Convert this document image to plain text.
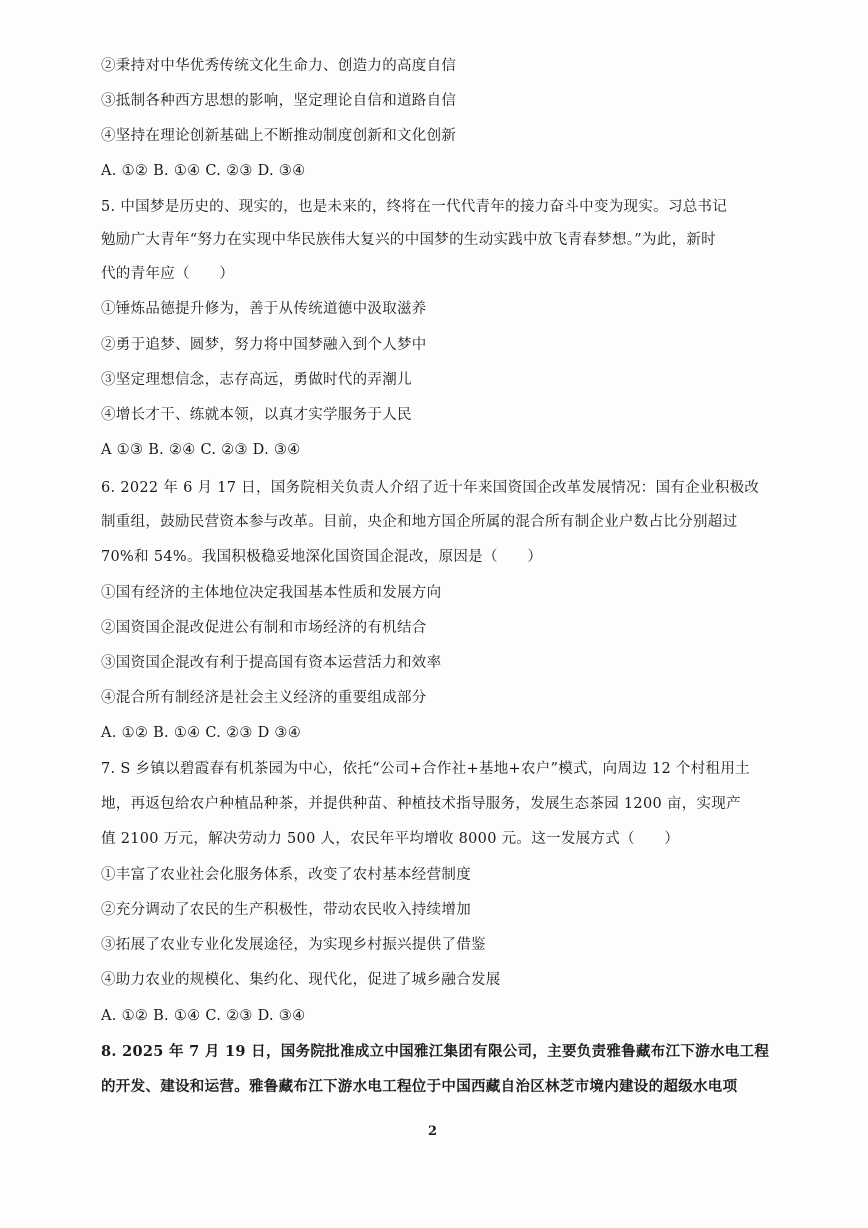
②秉持对中华优秀传统文化生命力、创造力的高度自信
③抵制各种西方思想的影响，坚定理论自信和道路自信
④坚持在理论创新基础上不断推动制度创新和文化创新
A. ①② B. ①④ C. ②③ D. ③④
5. 中国梦是历史的、现实的，也是未来的，终将在一代代青年的接力奋斗中变为现实。习总书记
勉励广大青年“努力在实现中华民族伟大复兴的中国梦的生动实践中放飞青春梦想。”为此，新时
代的青年应（　　）
①锤炼品德提升修为，善于从传统道德中汲取滋养
②勇于追梦、圆梦，努力将中国梦融入到个人梦中
③坚定理想信念，志存高远，勇做时代的弄潮儿
④增长才干、练就本领，以真才实学服务于人民
A ①③ B. ②④ C. ②③ D. ③④
6. 2022 年 6 月 17 日，国务院相关负责人介绍了近十年来国资国企改革发展情况：国有企业积极改
制重组，鼓励民营资本参与改革。目前，央企和地方国企所属的混合所有制企业户数占比分别超过
70%和 54%。我国积极稳妥地深化国资国企混改，原因是（　　）
①国有经济的主体地位决定我国基本性质和发展方向
②国资国企混改促进公有制和市场经济的有机结合
③国资国企混改有利于提高国有资本运营活力和效率
④混合所有制经济是社会主义经济的重要组成部分
A. ①② B. ①④ C. ②③ D ③④
7. S 乡镇以碧霞春有机茶园为中心，依托“公司+合作社+基地+农户”模式，向周边 12 个村租用土
地，再返包给农户种植品种茶，并提供种苗、种植技术指导服务，发展生态茶园 1200 亩，实现产
值 2100 万元，解决劳动力 500 人，农民年平均增收 8000 元。这一发展方式（　　）
①丰富了农业社会化服务体系，改变了农村基本经营制度
②充分调动了农民的生产积极性，带动农民收入持续增加
③拓展了农业专业化发展途径，为实现乡村振兴提供了借鉴
④助力农业的规模化、集约化、现代化，促进了城乡融合发展
A. ①② B. ①④ C. ②③ D. ③④
8. 2025 年 7 月 19 日，国务院批准成立中国雅江集团有限公司，主要负责雅鲁藏布江下游水电工程
的开发、建设和运营。雅鲁藏布江下游水电工程位于中国西藏自治区林芝市境内建设的超级水电项
2
